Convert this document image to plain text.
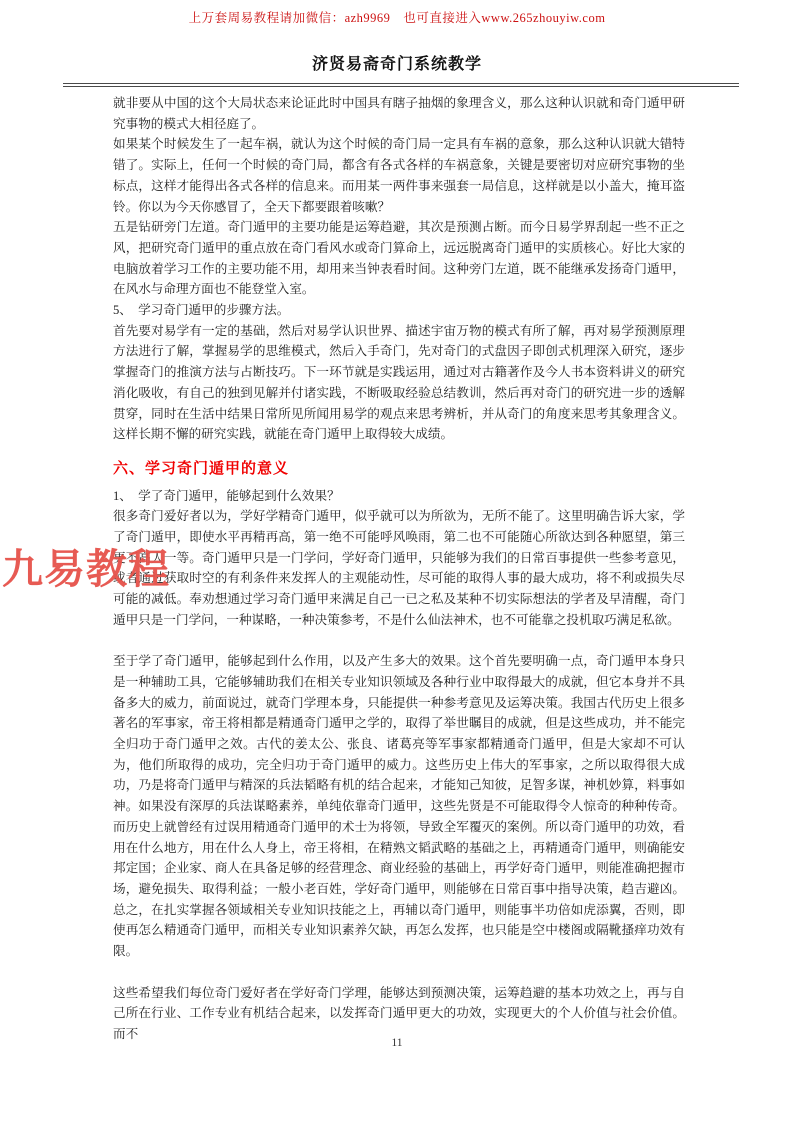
上万套周易教程请加微信：azh9969　也可直接进入www.265zhouyiw.com
济贤易斋奇门系统教学

就非要从中国的这个大局状态来论证此时中国具有瞎子抽烟的象理含义，那么这种认识就和奇门遁甲研究事物的模式大相径庭了。

如果某个时候发生了一起车祸，就认为这个时候的奇门局一定具有车祸的意象，那么这种认识就大错特错了。实际上，任何一个时候的奇门局，都含有各式各样的车祸意象，关键是要密切对应研究事物的坐标点，这样才能得出各式各样的信息来。而用某一两件事来强套一局信息，这样就是以小盖大，掩耳盗铃。你以为今天你感冒了，全天下都要跟着咳嗽？

五是钻研旁门左道。奇门遁甲的主要功能是运筹趋避，其次是预测占断。而今日易学界刮起一些不正之风，把研究奇门遁甲的重点放在奇门看风水或奇门算命上，远远脱离奇门遁甲的实质核心。好比大家的电脑放着学习工作的主要功能不用，却用来当钟表看时间。这种旁门左道，既不能继承发扬奇门遁甲，在风水与命理方面也不能登堂入室。

5、　学习奇门遁甲的步骤方法。

首先要对易学有一定的基础，然后对易学认识世界、描述宇宙万物的模式有所了解，再对易学预测原理方法进行了解，掌握易学的思维模式，然后入手奇门，先对奇门的式盘因子即创式机理深入研究，逐步掌握奇门的推演方法与占断技巧。下一环节就是实践运用，通过对古籍著作及今人书本资料讲义的研究消化吸收，有自己的独到见解并付诸实践，不断吸取经验总结教训，然后再对奇门的研究进一步的透解贯穿，同时在生活中结果日常所见所闻用易学的观点来思考辨析，并从奇门的角度来思考其象理含义。这样长期不懈的研究实践，就能在奇门遁甲上取得较大成绩。

六、学习奇门遁甲的意义

1、　学了奇门遁甲，能够起到什么效果？

很多奇门爱好者以为，学好学精奇门遁甲，似乎就可以为所欲为，无所不能了。这里明确告诉大家，学了奇门遁甲，即使水平再精再高，第一绝不可能呼风唤雨，第二也不可能随心所欲达到各种愿望，第三更不高人一等。奇门遁甲只是一门学问，学好奇门遁甲，只能够为我们的日常百事提供一些参考意见，或者通过获取时空的有利条件来发挥人的主观能动性，尽可能的取得人事的最大成功，将不利或损失尽可能的减低。奉劝想通过学习奇门遁甲来满足自己一已之私及某种不切实际想法的学者及早清醒，奇门遁甲只是一门学问，一种谋略，一种决策参考，不是什么仙法神术，也不可能靠之投机取巧满足私欲。

至于学了奇门遁甲，能够起到什么作用，以及产生多大的效果。这个首先要明确一点，奇门遁甲本身只是一种辅助工具，它能够辅助我们在相关专业知识领域及各种行业中取得最大的成就，但它本身并不具备多大的威力，前面说过，就奇门学理本身，只能提供一种参考意见及运筹决策。我国古代历史上很多著名的军事家，帝王将相都是精通奇门遁甲之学的，取得了举世瞩目的成就，但是这些成功，并不能完全归功于奇门遁甲之效。古代的姜太公、张良、诸葛亮等军事家都精通奇门遁甲，但是大家却不可认为，他们所取得的成功，完全归功于奇门遁甲的威力。这些历史上伟大的军事家，之所以取得很大成功，乃是将奇门遁甲与精深的兵法韬略有机的结合起来，才能知己知彼，足智多谋，神机妙算，料事如神。如果没有深厚的兵法谋略素养，单纯依靠奇门遁甲，这些先贤是不可能取得令人惊奇的种种传奇。而历史上就曾经有过误用精通奇门遁甲的术士为将领，导致全军覆灭的案例。所以奇门遁甲的功效，看用在什么地方，用在什么人身上，帝王将相，在精熟文韬武略的基础之上，再精通奇门遁甲，则确能安邦定国；企业家、商人在具备足够的经营理念、商业经验的基础上，再学好奇门遁甲，则能准确把握市场，避免损失、取得利益；一般小老百姓，学好奇门遁甲，则能够在日常百事中指导决策，趋吉避凶。总之，在扎实掌握各领域相关专业知识技能之上，再辅以奇门遁甲，则能事半功倍如虎添翼，否则，即使再怎么精通奇门遁甲，而相关专业知识素养欠缺，再怎么发挥，也只能是空中楼阁或隔靴搔痒功效有限。

这些希望我们每位奇门爱好者在学好奇门学理，能够达到预测决策，运筹趋避的基本功效之上，再与自己所在行业、工作专业有机结合起来，以发挥奇门遁甲更大的功效，实现更大的个人价值与社会价值。而不

九易教程
11
